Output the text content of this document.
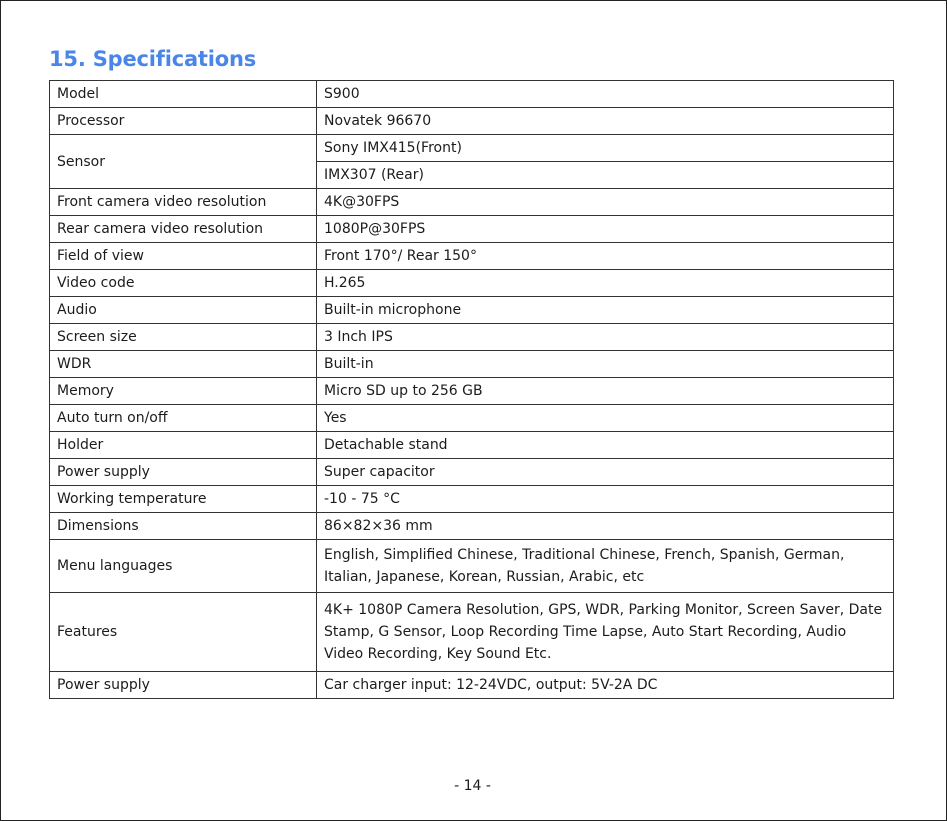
15. Specifications
Model	S900
Processor	Novatek 96670
Sensor	Sony IMX415(Front)
	IMX307 (Rear)
Front camera video resolution	4K@30FPS
Rear camera video resolution	1080P@30FPS
Field of view	Front 170°/ Rear 150°
Video code	H.265
Audio	Built-in microphone
Screen size	3 Inch IPS
WDR	Built-in
Memory	Micro SD up to 256 GB
Auto turn on/off	Yes
Holder	Detachable stand
Power supply	Super capacitor
Working temperature	-10 - 75 °C
Dimensions	86×82×36 mm
Menu languages	English, Simplified Chinese, Traditional Chinese, French, Spanish, German, Italian, Japanese, Korean, Russian, Arabic, etc
Features	4K+ 1080P Camera Resolution, GPS, WDR, Parking Monitor, Screen Saver, Date Stamp, G Sensor, Loop Recording Time Lapse, Auto Start Recording, Audio Video Recording, Key Sound Etc.
Power supply	Car charger input: 12-24VDC, output: 5V-2A DC
- 14 -
